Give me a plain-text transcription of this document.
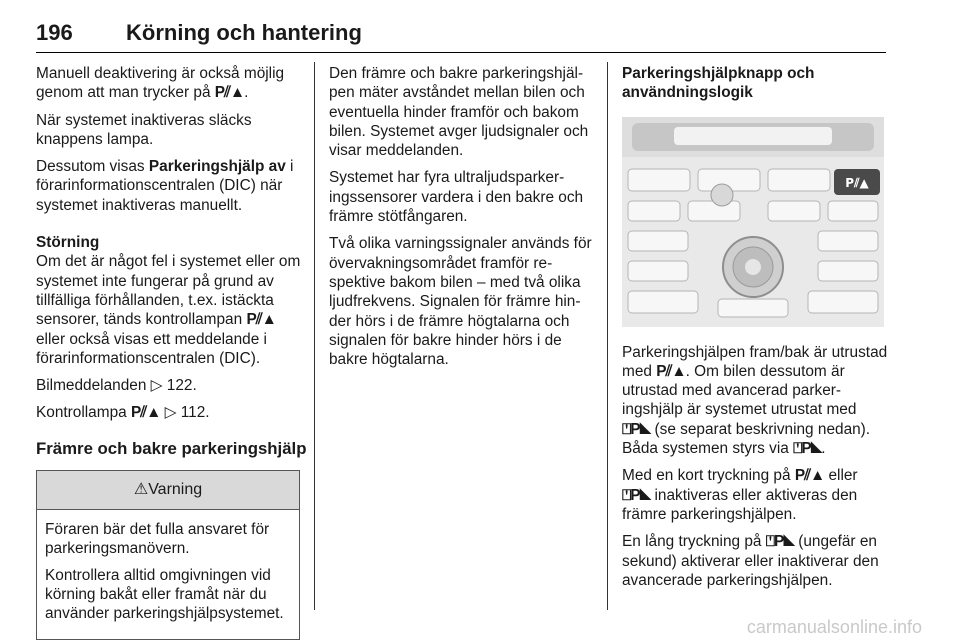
196 Körning och hantering

Manuell deaktivering är också möjlig genom att man trycker på P⫽▲.

När systemet inaktiveras släcks knappens lampa.

Dessutom visas Parkeringshjälp av i förarinformationscentralen (DIC) när systemet inaktiveras manuellt.

Störning

Om det är något fel i systemet eller om systemet inte fungerar på grund av tillfälliga förhållanden, t.ex. istäckta sensorer, tänds kontrollampan P⫽▲ eller också visas ett meddelande i förarinformationscentralen (DIC).

Bilmeddelanden ▷ 122.

Kontrollampa P⫽▲ ▷ 112.

Främre och bakre parkeringshjälp
⚠Varning

Föraren bär det fulla ansvaret för parkeringsmanövern.

Kontrollera alltid omgivningen vid körning bakåt eller framåt när du använder parkeringshjälpsystemet.

Den främre och bakre parkeringshjälpen mäter avståndet mellan bilen och eventuella hinder framför och bakom bilen. Systemet avger ljudsignaler och visar meddelanden.

Systemet har fyra ultraljudsparkeringssensorer vardera i den bakre och främre stötfångaren.

Två olika varningssignaler används för övervakningsområdet framför respektive bakom bilen – med två olika ljudfrekvens. Signalen för främre hinder hörs i de främre högtalarna och signalen för bakre hinder hörs i de bakre högtalarna.

Parkeringshjälpknapp och användningslogik
P⫽▲

Parkeringshjälpen fram/bak är utrustad med P⫽▲. Om bilen dessutom är utrustad med avancerad parkeringshjälp är systemet utrustat med ⍞P◣ (se separat beskrivning nedan). Båda systemen styrs via ⍞P◣.

Med en kort tryckning på P⫽▲ eller ⍞P◣ inaktiveras eller aktiveras den främre parkeringshjälpen.

En lång tryckning på ⍞P◣ (ungefär en sekund) aktiverar eller inaktiverar den avancerade parkeringshjälpen.

carmanualsonline.info
